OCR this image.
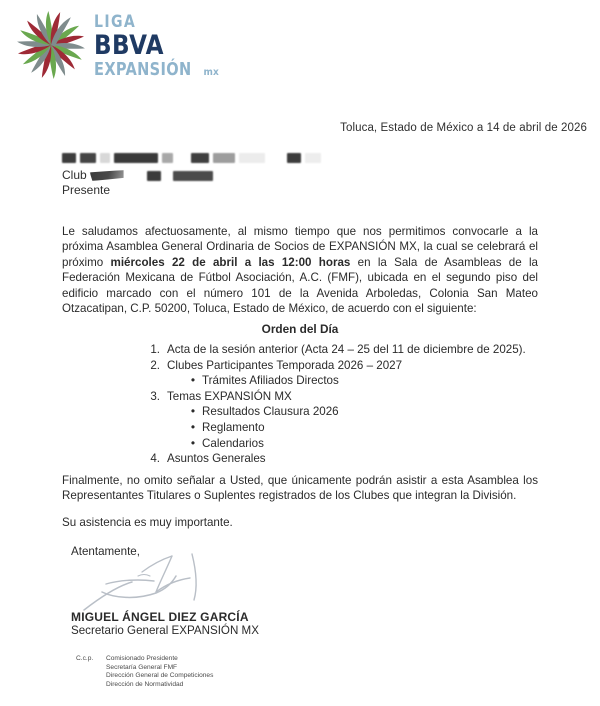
LIGA
BBVA
EXPANSIÓN mx
Toluca, Estado de México a 14 de abril de 2026
Club
Presente
Le saludamos afectuosamente, al mismo tiempo que nos permitimos convocarle a la próxima Asamblea General Ordinaria de Socios de EXPANSIÓN MX, la cual se celebrará el próximo miércoles 22 de abril a las 12:00 horas en la Sala de Asambleas de la Federación Mexicana de Fútbol Asociación, A.C. (FMF), ubicada en el segundo piso del edificio marcado con el número 101 de la Avenida Arboledas, Colonia San Mateo Otzacatipan, C.P. 50200, Toluca, Estado de México, de acuerdo con el siguiente:
Orden del Día
1. Acta de la sesión anterior (Acta 24 – 25 del 11 de diciembre de 2025).
2. Clubes Participantes Temporada 2026 – 2027
• Trámites Afiliados Directos
3. Temas EXPANSIÓN MX
• Resultados Clausura 2026
• Reglamento
• Calendarios
4. Asuntos Generales
Finalmente, no omito señalar a Usted, que únicamente podrán asistir a esta Asamblea los Representantes Titulares o Suplentes registrados de los Clubes que integran la División.
Su asistencia es muy importante.
Atentamente,
MIGUEL ÁNGEL DIEZ GARCÍA
Secretario General EXPANSIÓN MX
C.c.p.	Comisionado Presidente
Secretaría General FMF
Dirección General de Competiciones
Dirección de Normatividad
